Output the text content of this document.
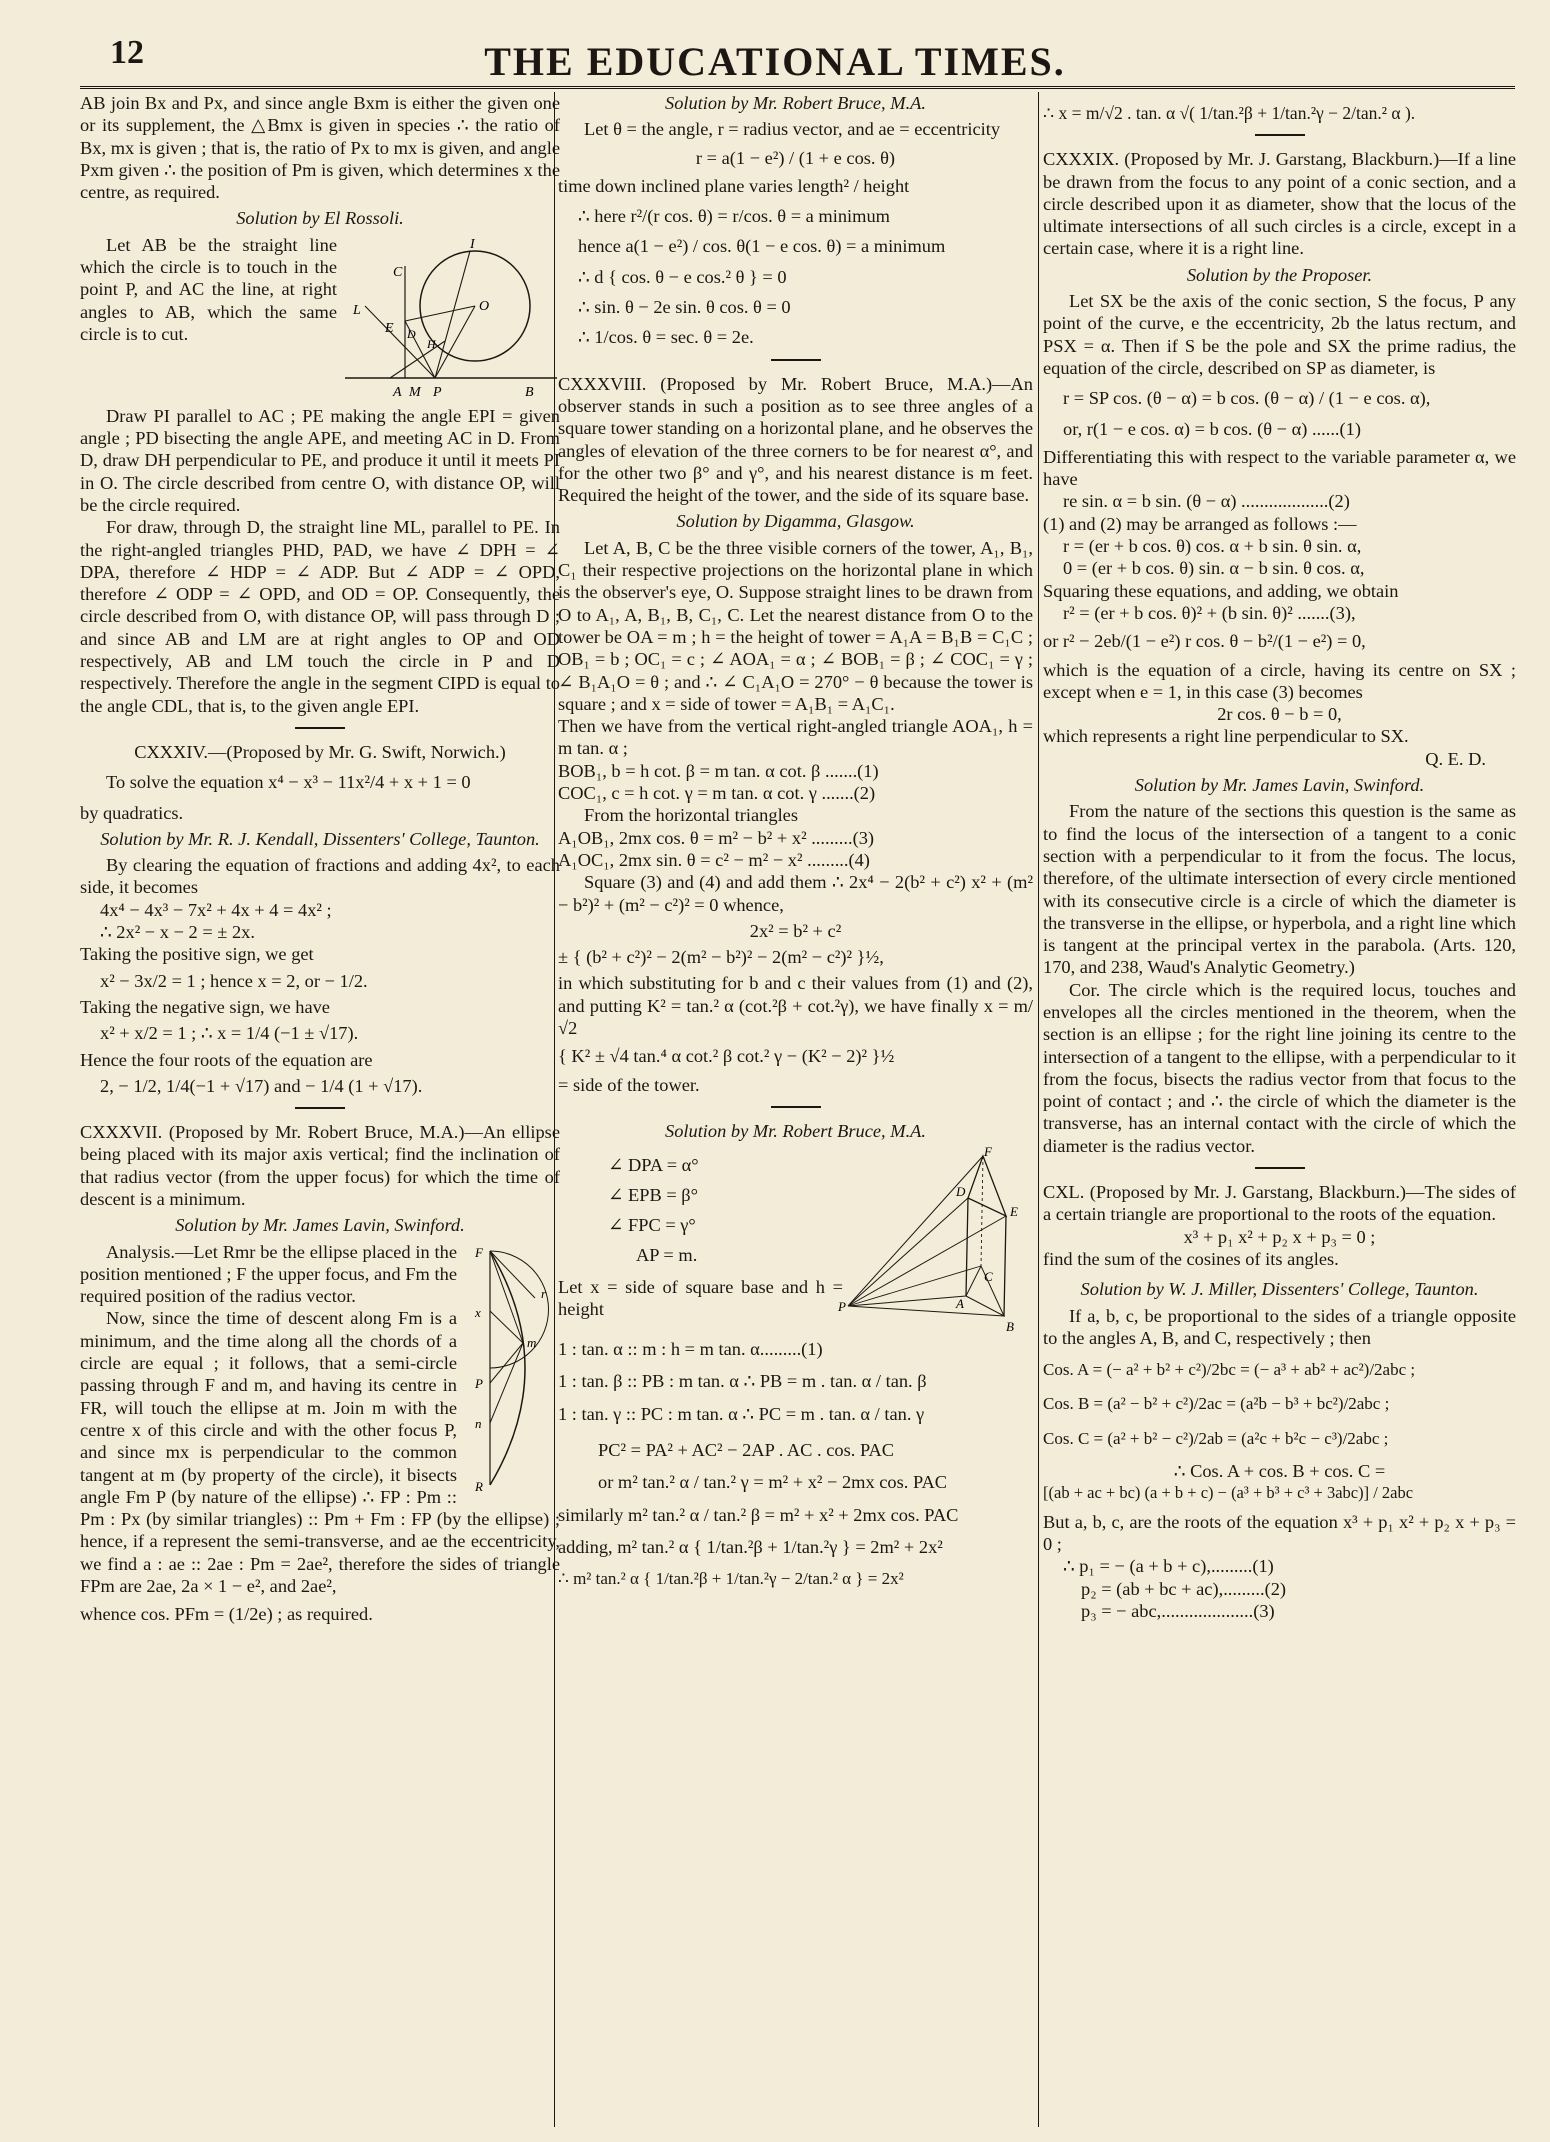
12	THE EDUCATIONAL TIMES.

AB join Bx and Px, and since angle Bxm is either the given one or its supplement, the △Bmx is given in species ∴ the ratio of Bx, mx is given ; that is, the ratio of Px to mx is given, and angle Pxm given ∴ the position of Pm is given, which determines x the centre, as required.

Solution by El Rossoli.

I
C
L
E
O
H
D
A M P	B

Let AB be the straight line which the circle is to touch in the point P, and AC the line, at right angles to AB, which the same circle is to cut.

Draw PI parallel to AC ; PE making the angle EPI = given angle ; PD bisecting the angle APE, and meeting AC in D. From D, draw DH perpendicular to PE, and produce it until it meets PI in O. The circle described from centre O, with distance OP, will be the circle required.

For draw, through D, the straight line ML, parallel to PE. In the right-angled triangles PHD, PAD, we have ∠ DPH = ∠ DPA, therefore ∠ HDP = ∠ ADP. But ∠ ADP = ∠ OPD, therefore ∠ ODP = ∠ OPD, and OD = OP. Consequently, the circle described from O, with distance OP, will pass through D ; and since AB and LM are at right angles to OP and OD respectively, AB and LM touch the circle in P and D respectively. Therefore the angle in the segment CIPD is equal to the angle CDL, that is, to the given angle EPI.

CXXXIV.—(Proposed by Mr. G. Swift, Norwich.)

To solve the equation x⁴ − x³ − 11x²/4 + x + 1 = 0

by quadratics.

Solution by Mr. R. J. Kendall, Dissenters' College, Taunton.

By clearing the equation of fractions and adding 4x², to each side, it becomes

4x⁴ − 4x³ − 7x² + 4x + 4 = 4x² ;

∴ 2x² − x − 2 = ± 2x.

Taking the positive sign, we get

x² − 3x/2 = 1 ; hence x = 2, or − 1/2.

Taking the negative sign, we have

x² + x/2 = 1 ; ∴ x = 1/4 (−1 ± √17).

Hence the four roots of the equation are

2, − 1/2, 1/4(−1 + √17) and − 1/4 (1 + √17).

CXXXVII. (Proposed by Mr. Robert Bruce, M.A.)—An ellipse being placed with its major axis vertical; find the inclination of that radius vector (from the upper focus) for which the time of descent is a minimum.

Solution by Mr. James Lavin, Swinford.

F
r
x
m
P
n
R

Analysis.—Let Rmr be the ellipse placed in the position mentioned ; F the upper focus, and Fm the required position of the radius vector.

Now, since the time of descent along Fm is a minimum, and the time along all the chords of a circle are equal ; it follows, that a semi-circle passing through F and m, and having its centre in FR, will touch the ellipse at m. Join m with the centre x of this circle and with the other focus P, and since mx is perpendicular to the common tangent at m (by property of the circle), it bisects angle Fm P (by nature of the ellipse) ∴ FP : Pm :: Pm : Px (by similar triangles) :: Pm + Fm : FP (by the ellipse) ; hence, if a represent the semi-transverse, and ae the eccentricity, we find a : ae :: 2ae : Pm = 2ae², therefore the sides of triangle FPm are 2ae, 2a × 1 − e², and 2ae²,

whence cos. PFm = (1/2e) ; as required.

Solution by Mr. Robert Bruce, M.A.

Let θ = the angle, r = radius vector, and ae = eccentricity

r = a(1 − e²) / (1 + e cos. θ)

time down inclined plane varies length² / height

∴ here r²/(r cos. θ) = r/cos. θ = a minimum

hence a(1 − e²) / cos. θ(1 − e cos. θ) = a minimum

∴ d { cos. θ − e cos.² θ } = 0

∴ sin. θ − 2e sin. θ cos. θ = 0

∴ 1/cos. θ = sec. θ = 2e.

CXXXVIII. (Proposed by Mr. Robert Bruce, M.A.)—An observer stands in such a position as to see three angles of a square tower standing on a horizontal plane, and he observes the angles of elevation of the three corners to be for nearest α°, and for the other two β° and γ°, and his nearest distance is m feet. Required the height of the tower, and the side of its square base.

Solution by Digamma, Glasgow.

Let A, B, C be the three visible corners of the tower, A₁, B₁, C₁ their respective projections on the horizontal plane in which is the observer's eye, O. Suppose straight lines to be drawn from O to A₁, A, B₁, B, C₁, C. Let the nearest distance from O to the tower be OA = m ; h = the height of tower = A₁A = B₁B = C₁C ; OB₁ = b ; OC₁ = c ; ∠ AOA₁ = α ; ∠ BOB₁ = β ; ∠ COC₁ = γ ; ∠ B₁A₁O = θ ; and ∴ ∠ C₁A₁O = 270° − θ because the tower is square ; and x = side of tower = A₁B₁ = A₁C₁.

Then we have from the vertical right-angled triangle AOA₁, h = m tan. α ;

BOB₁, b = h cot. β = m tan. α cot. β .......(1)

COC₁, c = h cot. γ = m tan. α cot. γ .......(2)

From the horizontal triangles

A₁OB₁, 2mx cos. θ = m² − b² + x² .........(3)

A₁OC₁, 2mx sin. θ = c² − m² − x² .........(4)

Square (3) and (4) and add them ∴ 2x⁴ − 2(b² + c²) x² + (m² − b²)² + (m² − c²)² = 0 whence,

2x² = b² + c²

± { (b² + c²)² − 2(m² − b²)² − 2(m² − c²)² }½,

in which substituting for b and c their values from (1) and (2), and putting K² = tan.² α (cot.²β + cot.²γ), we have finally x = m/√2

{ K² ± √4 tan.⁴ α cot.² β cot.² γ − (K² − 2)² }½

= side of the tower.

Solution by Mr. Robert Bruce, M.A.

∠ DPA = α°
∠ EPB = β°
∠ FPC = γ°
AP = m.
Let x = side of square base and h = height
F
D
E
P	A
C
B

1 : tan. α :: m : h = m tan. α.........(1)

1 : tan. β :: PB : m tan. α ∴ PB = m . tan. α / tan. β

1 : tan. γ :: PC : m tan. α ∴ PC = m . tan. α / tan. γ

PC² = PA² + AC² − 2AP . AC . cos. PAC

or m² tan.² α / tan.² γ = m² + x² − 2mx cos. PAC

similarly m² tan.² α / tan.² β = m² + x² + 2mx cos. PAC

adding, m² tan.² α { 1/tan.²β + 1/tan.²γ } = 2m² + 2x²

∴ m² tan.² α { 1/tan.²β + 1/tan.²γ − 2/tan.² α } = 2x²

∴ x = m/√2 . tan. α √( 1/tan.²β + 1/tan.²γ − 2/tan.² α ).

CXXXIX. (Proposed by Mr. J. Garstang, Blackburn.)—If a line be drawn from the focus to any point of a conic section, and a circle described upon it as diameter, show that the locus of the ultimate intersections of all such circles is a circle, except in a certain case, where it is a right line.

Solution by the Proposer.

Let SX be the axis of the conic section, S the focus, P any point of the curve, e the eccentricity, 2b the latus rectum, and PSX = α. Then if S be the pole and SX the prime radius, the equation of the circle, described on SP as diameter, is

r = SP cos. (θ − α) = b cos. (θ − α) / (1 − e cos. α),

or, r(1 − e cos. α) = b cos. (θ − α) ......(1)

Differentiating this with respect to the variable parameter α, we have

re sin. α = b sin. (θ − α) ...................(2)

(1) and (2) may be arranged as follows :—

r = (er + b cos. θ) cos. α + b sin. θ sin. α,

0 = (er + b cos. θ) sin. α − b sin. θ cos. α,

Squaring these equations, and adding, we obtain

r² = (er + b cos. θ)² + (b sin. θ)² .......(3),

or r² − 2eb/(1 − e²) r cos. θ − b²/(1 − e²) = 0,

which is the equation of a circle, having its centre on SX ; except when e = 1, in this case (3) becomes

2r cos. θ − b = 0,

which represents a right line perpendicular to SX.

Q. E. D.

Solution by Mr. James Lavin, Swinford.

From the nature of the sections this question is the same as to find the locus of the intersection of a tangent to a conic section with a perpendicular to it from the focus. The locus, therefore, of the ultimate intersection of every circle mentioned with its consecutive circle is a circle of which the diameter is the transverse in the ellipse, or hyperbola, and a right line which is tangent at the principal vertex in the parabola. (Arts. 120, 170, and 238, Waud's Analytic Geometry.)

Cor. The circle which is the required locus, touches and envelopes all the circles mentioned in the theorem, when the section is an ellipse ; for the right line joining its centre to the intersection of a tangent to the ellipse, with a perpendicular to it from the focus, bisects the radius vector from that focus to the point of contact ; and ∴ the circle of which the diameter is the transverse, has an internal contact with the circle of which the diameter is the radius vector.

CXL. (Proposed by Mr. J. Garstang, Blackburn.)—The sides of a certain triangle are proportional to the roots of the equation.

x³ + p₁ x² + p₂ x + p₃ = 0 ;

find the sum of the cosines of its angles.

Solution by W. J. Miller, Dissenters' College, Taunton.

If a, b, c, be proportional to the sides of a triangle opposite to the angles A, B, and C, respectively ; then

Cos. A = (− a² + b² + c²)/2bc = (− a³ + ab² + ac²)/2abc ;

Cos. B = (a² − b² + c²)/2ac = (a²b − b³ + bc²)/2abc ;

Cos. C = (a² + b² − c²)/2ab = (a²c + b²c − c³)/2abc ;

∴ Cos. A + cos. B + cos. C =

[(ab + ac + bc) (a + b + c) − (a³ + b³ + c³ + 3abc)] / 2abc

But a, b, c, are the roots of the equation x³ + p₁ x² + p₂ x + p₃ = 0 ;

∴ p₁ = − (a + b + c),.........(1)

p₂ = (ab + bc + ac),.........(2)

p₃ = − abc,....................(3)
